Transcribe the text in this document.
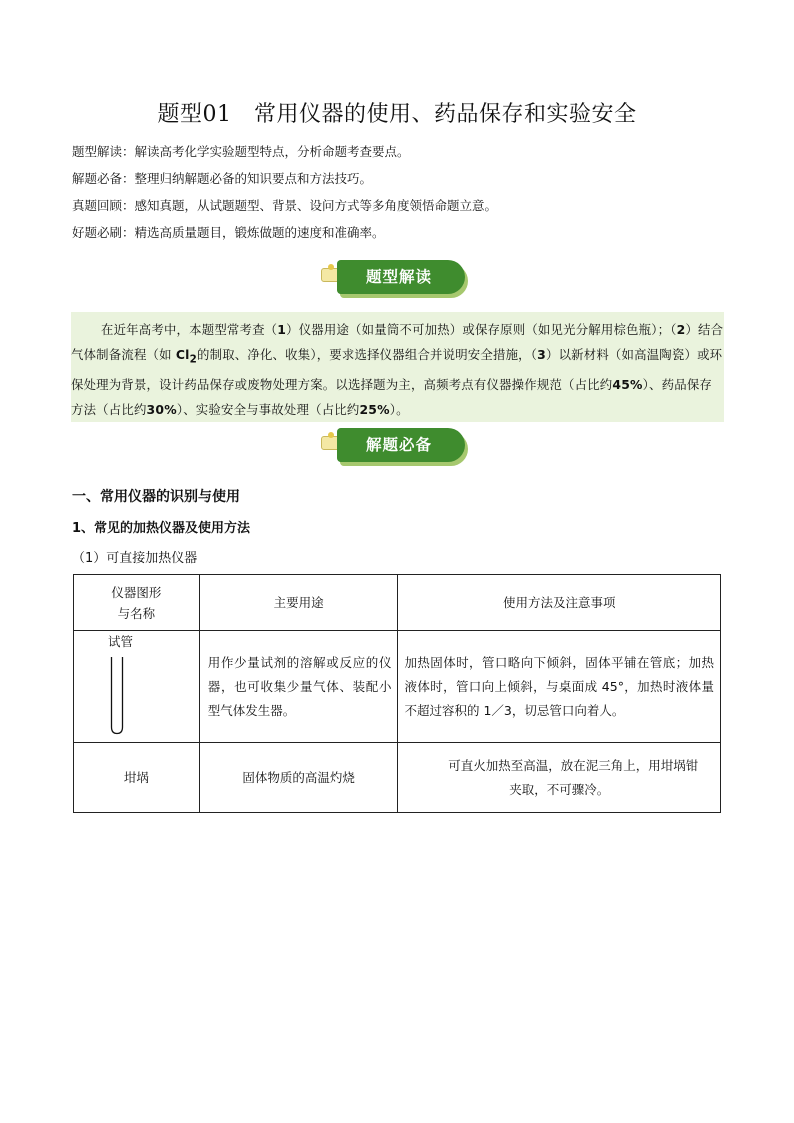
题型01　常用仪器的使用、药品保存和实验安全
题型解读：解读高考化学实验题型特点，分析命题考查要点。
解题必备：整理归纳解题必备的知识要点和方法技巧。
真题回顾：感知真题，从试题题型、背景、设问方式等多角度领悟命题立意。
好题必刷：精选高质量题目，锻炼做题的速度和准确率。
题型解读

在近年高考中，本题型常考查（1）仪器用途（如量筒不可加热）或保存原则（如见光分解用棕色瓶）；（2）结合气体制备流程（如 $Cl_2$的制取、净化、收集），要求选择仪器组合并说明安全措施，（3）以新材料（如高温陶瓷）或环保处理为背景，设计药品保存或废物处理方案。以选择题为主，高频考点有仪器操作规范（占比约45%）、药品保存方法（占比约30%）、实验安全与事故处理（占比约25%）。

解题必备
一、常用仪器的识别与使用
1、常见的加热仪器及使用方法
（1）可直接加热仪器
仪器图形
与名称	主要用途	使用方法及注意事项

试管	用作少量试剂的溶解或反应的仪器，也可收集少量气体、装配小型气体发生器。	加热固体时，管口略向下倾斜，固体平铺在管底；加热液体时，管口向上倾斜，与桌面成 45°，加热时液体量不超过容积的 1／3，切忌管口向着人。
坩埚	固体物质的高温灼烧	可直火加热至高温，放在泥三角上，用坩埚钳
夹取，不可骤冷。
